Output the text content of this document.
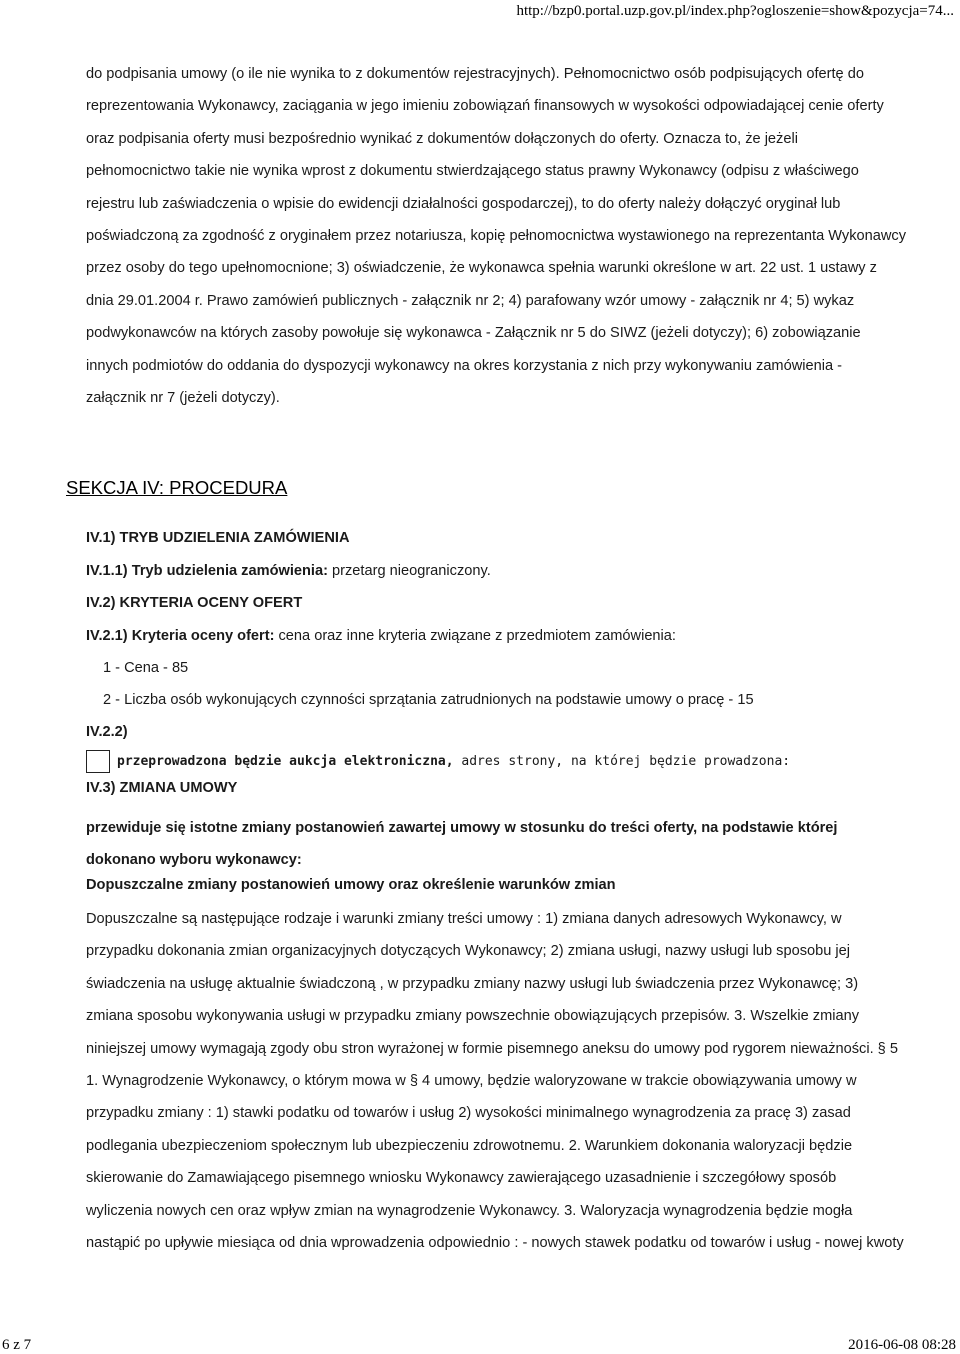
http://bzp0.portal.uzp.gov.pl/index.php?ogloszenie=show&pozycja=74...

do podpisania umowy (o ile nie wynika to z dokumentów rejestracyjnych). Pełnomocnictwo osób podpisujących ofertę do reprezentowania Wykonawcy, zaciągania w jego imieniu zobowiązań finansowych w wysokości odpowiadającej cenie oferty oraz podpisania oferty musi bezpośrednio wynikać z dokumentów dołączonych do oferty. Oznacza to, że jeżeli pełnomocnictwo takie nie wynika wprost z dokumentu stwierdzającego status prawny Wykonawcy (odpisu z właściwego rejestru lub zaświadczenia o wpisie do ewidencji działalności gospodarczej), to do oferty należy dołączyć oryginał lub poświadczoną za zgodność z oryginałem przez notariusza, kopię pełnomocnictwa wystawionego na reprezentanta Wykonawcy przez osoby do tego upełnomocnione; 3) oświadczenie, że wykonawca spełnia warunki określone w art. 22 ust. 1 ustawy z dnia 29.01.2004 r. Prawo zamówień publicznych - załącznik nr 2; 4) parafowany wzór umowy - załącznik nr 4; 5) wykaz podwykonawców na których zasoby powołuje się wykonawca - Załącznik nr 5 do SIWZ (jeżeli dotyczy); 6) zobowiązanie innych podmiotów do oddania do dyspozycji wykonawcy na okres korzystania z nich przy wykonywaniu zamówienia - załącznik nr 7 (jeżeli dotyczy).

SEKCJA IV: PROCEDURA

IV.1) TRYB UDZIELENIA ZAMÓWIENIA

IV.1.1) Tryb udzielenia zamówienia: przetarg nieograniczony.

IV.2) KRYTERIA OCENY OFERT

IV.2.1) Kryteria oceny ofert: cena oraz inne kryteria związane z przedmiotem zamówienia:

1 - Cena - 85

2 - Liczba osób wykonujących czynności sprzątania zatrudnionych na podstawie umowy o pracę - 15

IV.2.2)

przeprowadzona będzie aukcja elektroniczna, adres strony, na której będzie prowadzona:

IV.3) ZMIANA UMOWY

przewiduje się istotne zmiany postanowień zawartej umowy w stosunku do treści oferty, na podstawie której dokonano wyboru wykonawcy:

Dopuszczalne zmiany postanowień umowy oraz określenie warunków zmian

Dopuszczalne są następujące rodzaje i warunki zmiany treści umowy : 1) zmiana danych adresowych Wykonawcy, w przypadku dokonania zmian organizacyjnych dotyczących Wykonawcy; 2) zmiana usługi, nazwy usługi lub sposobu jej świadczenia na usługę aktualnie świadczoną , w przypadku zmiany nazwy usługi lub świadczenia przez Wykonawcę; 3) zmiana sposobu wykonywania usługi w przypadku zmiany powszechnie obowiązujących przepisów. 3. Wszelkie zmiany niniejszej umowy wymagają zgody obu stron wyrażonej w formie pisemnego aneksu do umowy pod rygorem nieważności. § 5 1. Wynagrodzenie Wykonawcy, o którym mowa w § 4 umowy, będzie waloryzowane w trakcie obowiązywania umowy w przypadku zmiany : 1) stawki podatku od towarów i usług 2) wysokości minimalnego wynagrodzenia za pracę 3) zasad podlegania ubezpieczeniom społecznym lub ubezpieczeniu zdrowotnemu. 2. Warunkiem dokonania waloryzacji będzie skierowanie do Zamawiającego pisemnego wniosku Wykonawcy zawierającego uzasadnienie i szczegółowy sposób wyliczenia nowych cen oraz wpływ zmian na wynagrodzenie Wykonawcy. 3. Waloryzacja wynagrodzenia będzie mogła nastąpić po upływie miesiąca od dnia wprowadzenia odpowiednio : - nowych stawek podatku od towarów i usług - nowej kwoty

6 z 7	2016-06-08 08:28
